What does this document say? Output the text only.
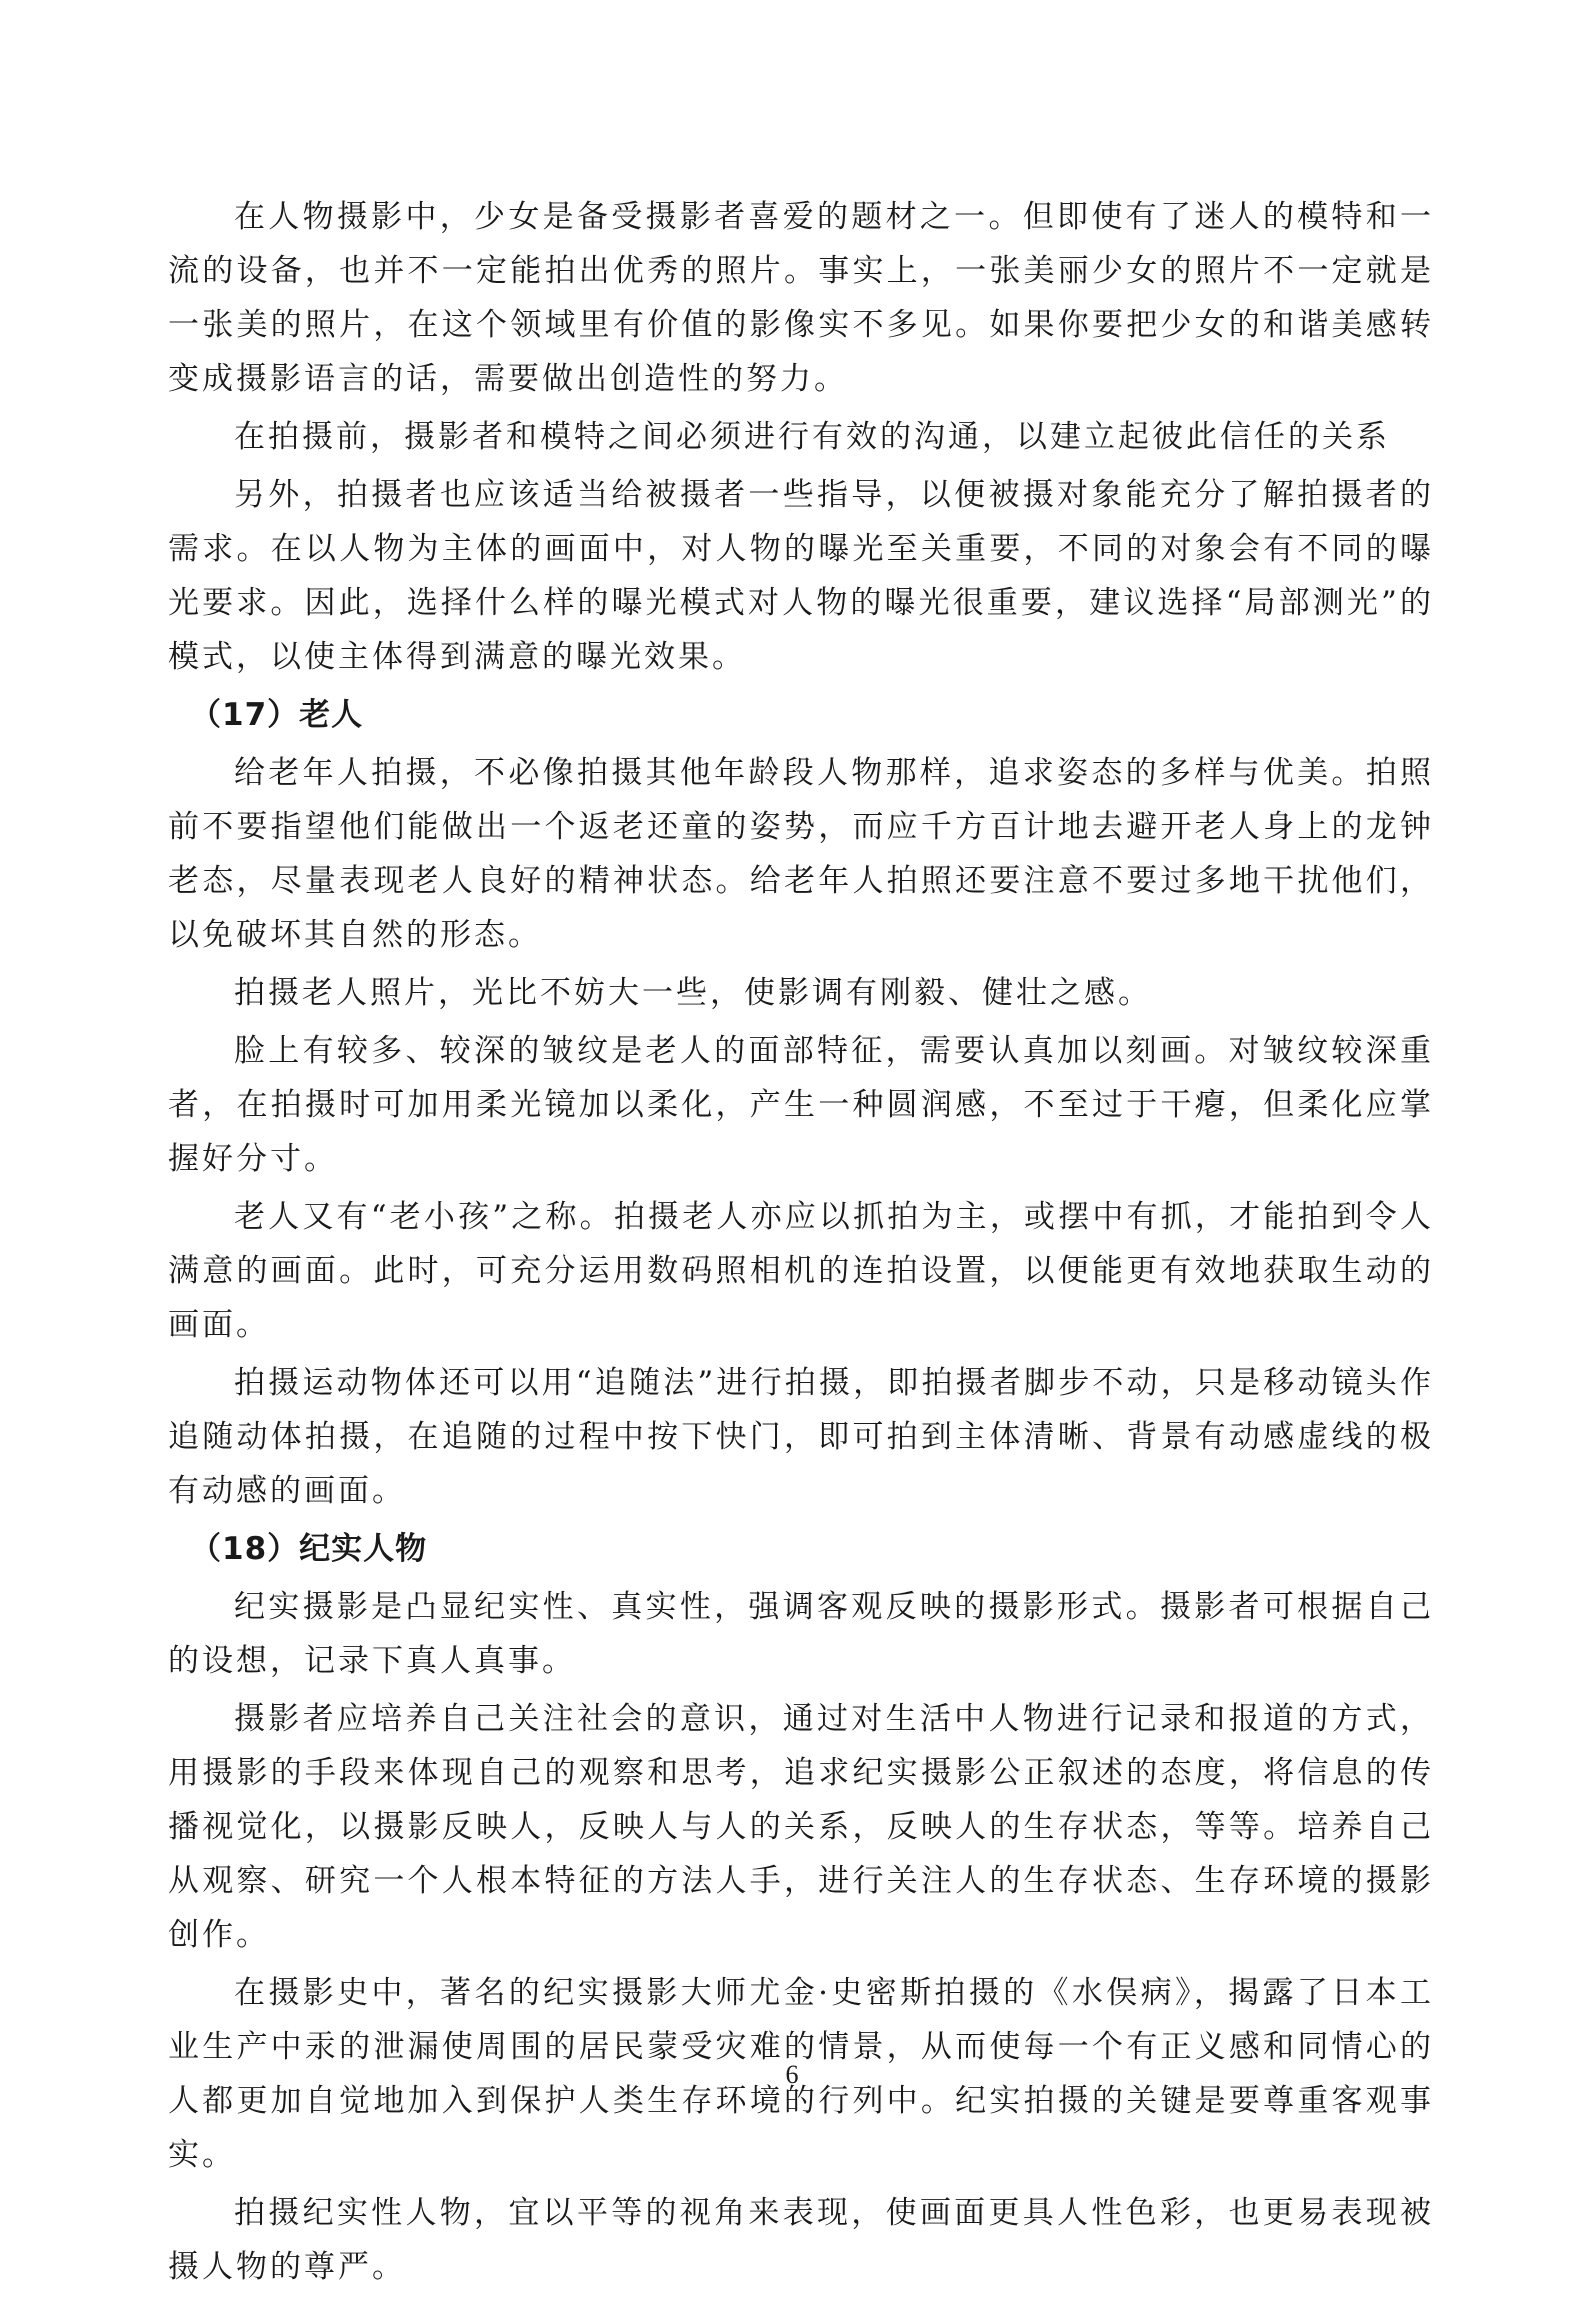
在人物摄影中，少女是备受摄影者喜爱的题材之一。但即使有了迷人的模特和一流的设备，也并不一定能拍出优秀的照片。事实上，一张美丽少女的照片不一定就是一张美的照片，在这个领域里有价值的影像实不多见。如果你要把少女的和谐美感转变成摄影语言的话，需要做出创造性的努力。

在拍摄前，摄影者和模特之间必须进行有效的沟通，以建立起彼此信任的关系

另外，拍摄者也应该适当给被摄者一些指导，以便被摄对象能充分了解拍摄者的需求。在以人物为主体的画面中，对人物的曝光至关重要，不同的对象会有不同的曝光要求。因此，选择什么样的曝光模式对人物的曝光很重要，建议选择“局部测光”的模式，以使主体得到满意的曝光效果。

（17）老人

给老年人拍摄，不必像拍摄其他年龄段人物那样，追求姿态的多样与优美。拍照前不要指望他们能做出一个返老还童的姿势，而应千方百计地去避开老人身上的龙钟老态，尽量表现老人良好的精神状态。给老年人拍照还要注意不要过多地干扰他们，以免破坏其自然的形态。

拍摄老人照片，光比不妨大一些，使影调有刚毅、健壮之感。

脸上有较多、较深的皱纹是老人的面部特征，需要认真加以刻画。对皱纹较深重者，在拍摄时可加用柔光镜加以柔化，产生一种圆润感，不至过于干瘪，但柔化应掌握好分寸。

老人又有“老小孩”之称。拍摄老人亦应以抓拍为主，或摆中有抓，才能拍到令人满意的画面。此时，可充分运用数码照相机的连拍设置，以便能更有效地获取生动的画面。

拍摄运动物体还可以用“追随法”进行拍摄，即拍摄者脚步不动，只是移动镜头作追随动体拍摄，在追随的过程中按下快门，即可拍到主体清晰、背景有动感虚线的极有动感的画面。

（18）纪实人物

纪实摄影是凸显纪实性、真实性，强调客观反映的摄影形式。摄影者可根据自己的设想，记录下真人真事。

摄影者应培养自己关注社会的意识，通过对生活中人物进行记录和报道的方式，用摄影的手段来体现自己的观察和思考，追求纪实摄影公正叙述的态度，将信息的传播视觉化，以摄影反映人，反映人与人的关系，反映人的生存状态，等等。培养自己从观察、研究一个人根本特征的方法人手，进行关注人的生存状态、生存环境的摄影创作。

在摄影史中，著名的纪实摄影大师尤金·史密斯拍摄的《水俣病》，揭露了日本工业生产中汞的泄漏使周围的居民蒙受灾难的情景，从而使每一个有正义感和同情心的人都更加自觉地加入到保护人类生存环境的行列中。纪实拍摄的关键是要尊重客观事实。

拍摄纪实性人物，宜以平等的视角来表现，使画面更具人性色彩，也更易表现被摄人物的尊严。

6
